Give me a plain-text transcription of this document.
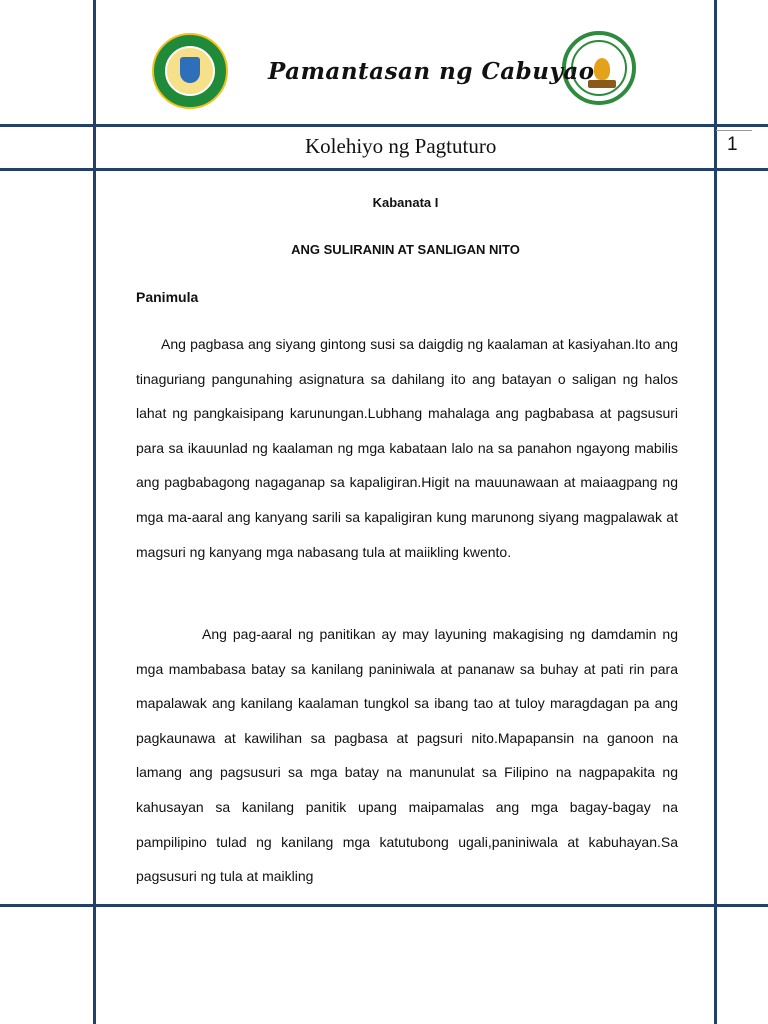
Pamantasan ng Cabuyao
Kolehiyo ng Pagtuturo	1
Kabanata I
ANG SULIRANIN AT SANLIGAN NITO
Panimula

Ang pagbasa ang siyang gintong susi sa daigdig ng kaalaman at kasiyahan.Ito ang tinaguriang pangunahing asignatura sa dahilang ito ang batayan o saligan ng halos lahat ng pangkaisipang karunungan.Lubhang mahalaga ang pagbabasa at pagsusuri para sa ikauunlad ng kaalaman ng mga kabataan lalo na sa panahon ngayong mabilis ang pagbabagong nagaganap sa kapaligiran.Higit na mauunawaan at maiaagpang ng mga ma-aaral ang kanyang sarili sa kapaligiran kung marunong siyang magpalawak at magsuri ng kanyang mga nabasang tula at maiikling kwento.

Ang pag-aaral ng panitikan ay may layuning makagising ng damdamin ng mga mambabasa batay sa kanilang paniniwala at pananaw sa buhay at pati rin para mapalawak ang kanilang kaalaman tungkol sa ibang tao at tuloy maragdagan pa ang pagkaunawa at kawilihan sa pagbasa at pagsuri nito.Mapapansin na ganoon na lamang ang pagsusuri sa mga batay na manunulat sa Filipino na nagpapakita ng kahusayan sa kanilang panitik upang maipamalas ang mga bagay-bagay na pampilipino tulad ng kanilang mga katutubong ugali,paniniwala at kabuhayan.Sa pagsusuri ng tula at maikling
